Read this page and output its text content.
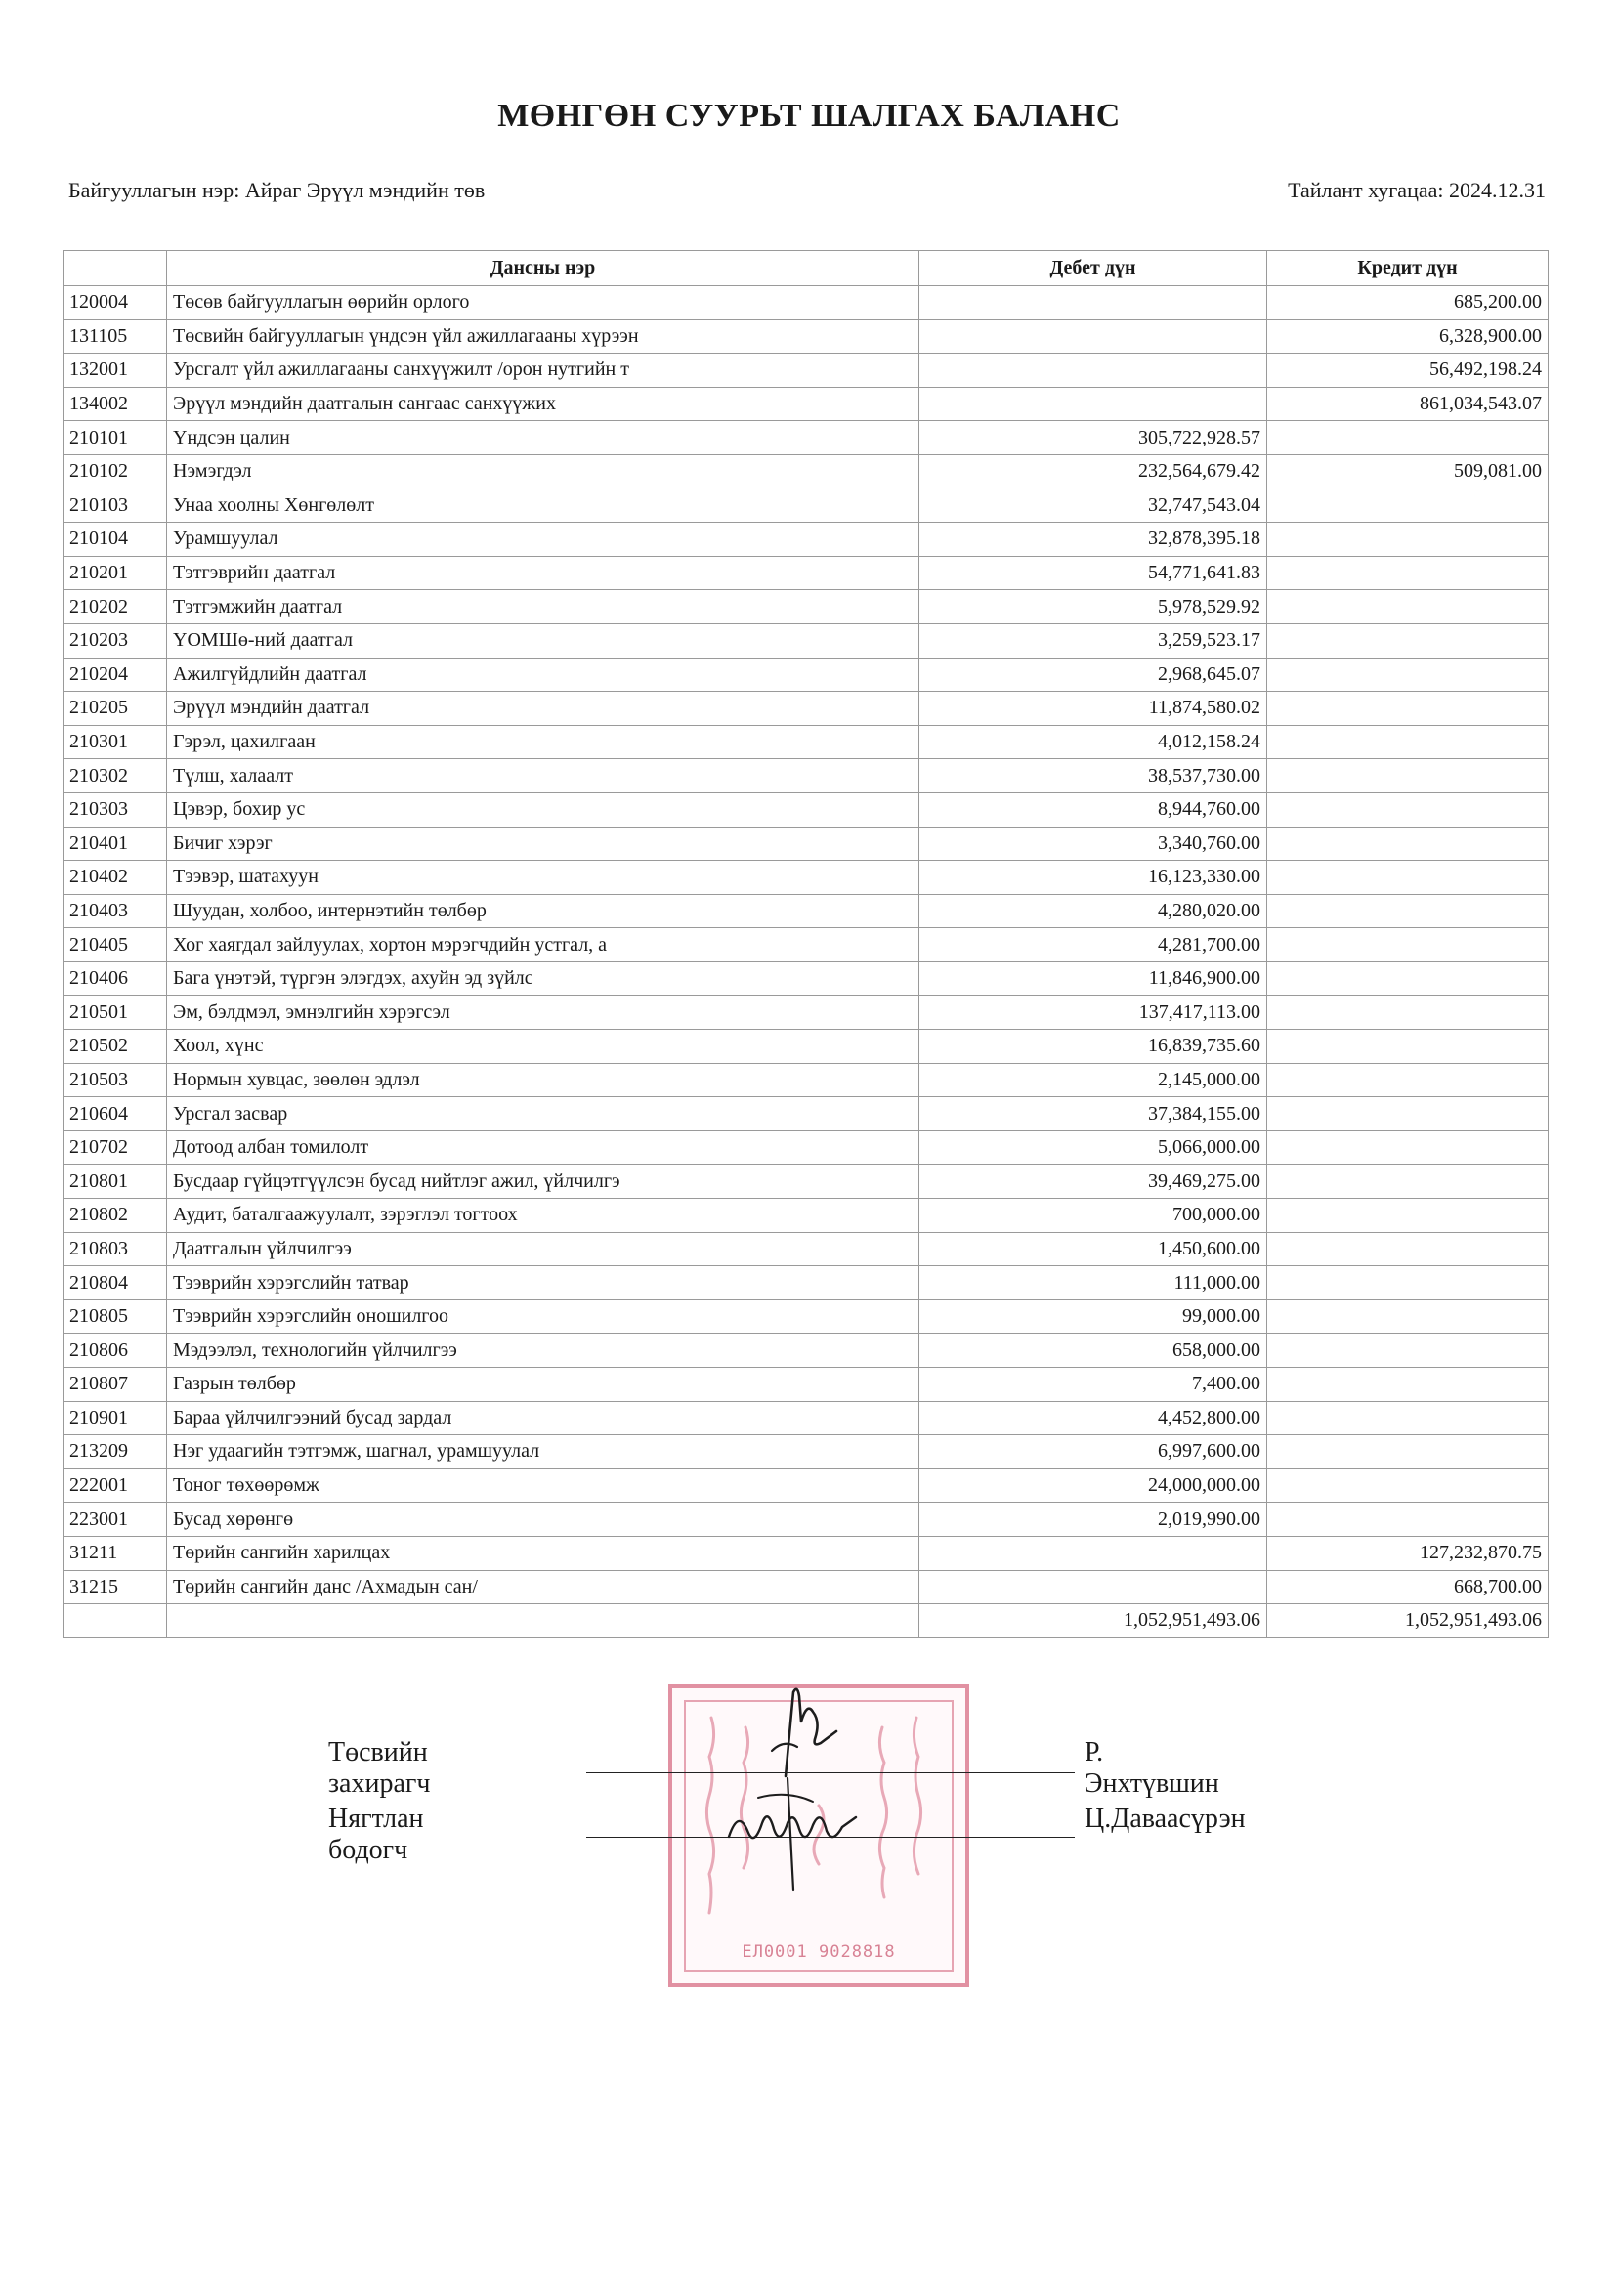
МӨНГӨН СУУРЬТ ШАЛГАХ БАЛАНС
Байгууллагын нэр: Айраг Эрүүл мэндийн төв	Тайлант хугацаа: 2024.12.31
	Дансны нэр	Дебет дүн	Кредит дүн
120004	Төсөв байгууллагын өөрийн орлого		685,200.00
131105	Төсвийн байгууллагын үндсэн үйл ажиллагааны хүрээн		6,328,900.00
132001	Урсгалт үйл ажиллагааны санхүүжилт /орон нутгийн т		56,492,198.24
134002	Эрүүл мэндийн даатгалын сангаас санхүүжих		861,034,543.07
210101	Үндсэн цалин	305,722,928.57	
210102	Нэмэгдэл	232,564,679.42	509,081.00
210103	Унаа хоолны Хөнгөлөлт	32,747,543.04	
210104	Урамшуулал	32,878,395.18	
210201	Тэтгэврийн даатгал	54,771,641.83	
210202	Тэтгэмжийн даатгал	5,978,529.92	
210203	ҮОМШө-ний даатгал	3,259,523.17	
210204	Ажилгүйдлийн даатгал	2,968,645.07	
210205	Эрүүл мэндийн даатгал	11,874,580.02	
210301	Гэрэл, цахилгаан	4,012,158.24	
210302	Түлш, халаалт	38,537,730.00	
210303	Цэвэр, бохир ус	8,944,760.00	
210401	Бичиг хэрэг	3,340,760.00	
210402	Тээвэр, шатахуун	16,123,330.00	
210403	Шуудан, холбоо, интернэтийн төлбөр	4,280,020.00	
210405	Хог хаягдал зайлуулах, хортон мэрэгчдийн устгал, а	4,281,700.00	
210406	Бага үнэтэй, түргэн элэгдэх, ахуйн эд зүйлс	11,846,900.00	
210501	Эм, бэлдмэл, эмнэлгийн хэрэгсэл	137,417,113.00	
210502	Хоол, хүнс	16,839,735.60	
210503	Нормын хувцас, зөөлөн эдлэл	2,145,000.00	
210604	Урсгал засвар	37,384,155.00	
210702	Дотоод албан томилолт	5,066,000.00	
210801	Бусдаар гүйцэтгүүлсэн бусад нийтлэг ажил, үйлчилгэ	39,469,275.00	
210802	Аудит, баталгаажуулалт, зэрэглэл тогтоох	700,000.00	
210803	Даатгалын үйлчилгээ	1,450,600.00	
210804	Тээврийн хэрэгслийн татвар	111,000.00	
210805	Тээврийн хэрэгслийн оношилгоо	99,000.00	
210806	Мэдээлэл, технологийн үйлчилгээ	658,000.00	
210807	Газрын төлбөр	7,400.00	
210901	Бараа үйлчилгээний бусад зардал	4,452,800.00	
213209	Нэг удаагийн тэтгэмж, шагнал, урамшуулал	6,997,600.00	
222001	Тоног төхөөрөмж	24,000,000.00	
223001	Бусад хөрөнгө	2,019,990.00	
31211	Төрийн сангийн харилцах		127,232,870.75
31215	Төрийн сангийн данс /Ахмадын сан/		668,700.00
		1,052,951,493.06	1,052,951,493.06
ЕЛ0001 9028818
Төсвийн захирагч
Р. Энхтүвшин
Нягтлан бодогч
Ц.Даваасүрэн
